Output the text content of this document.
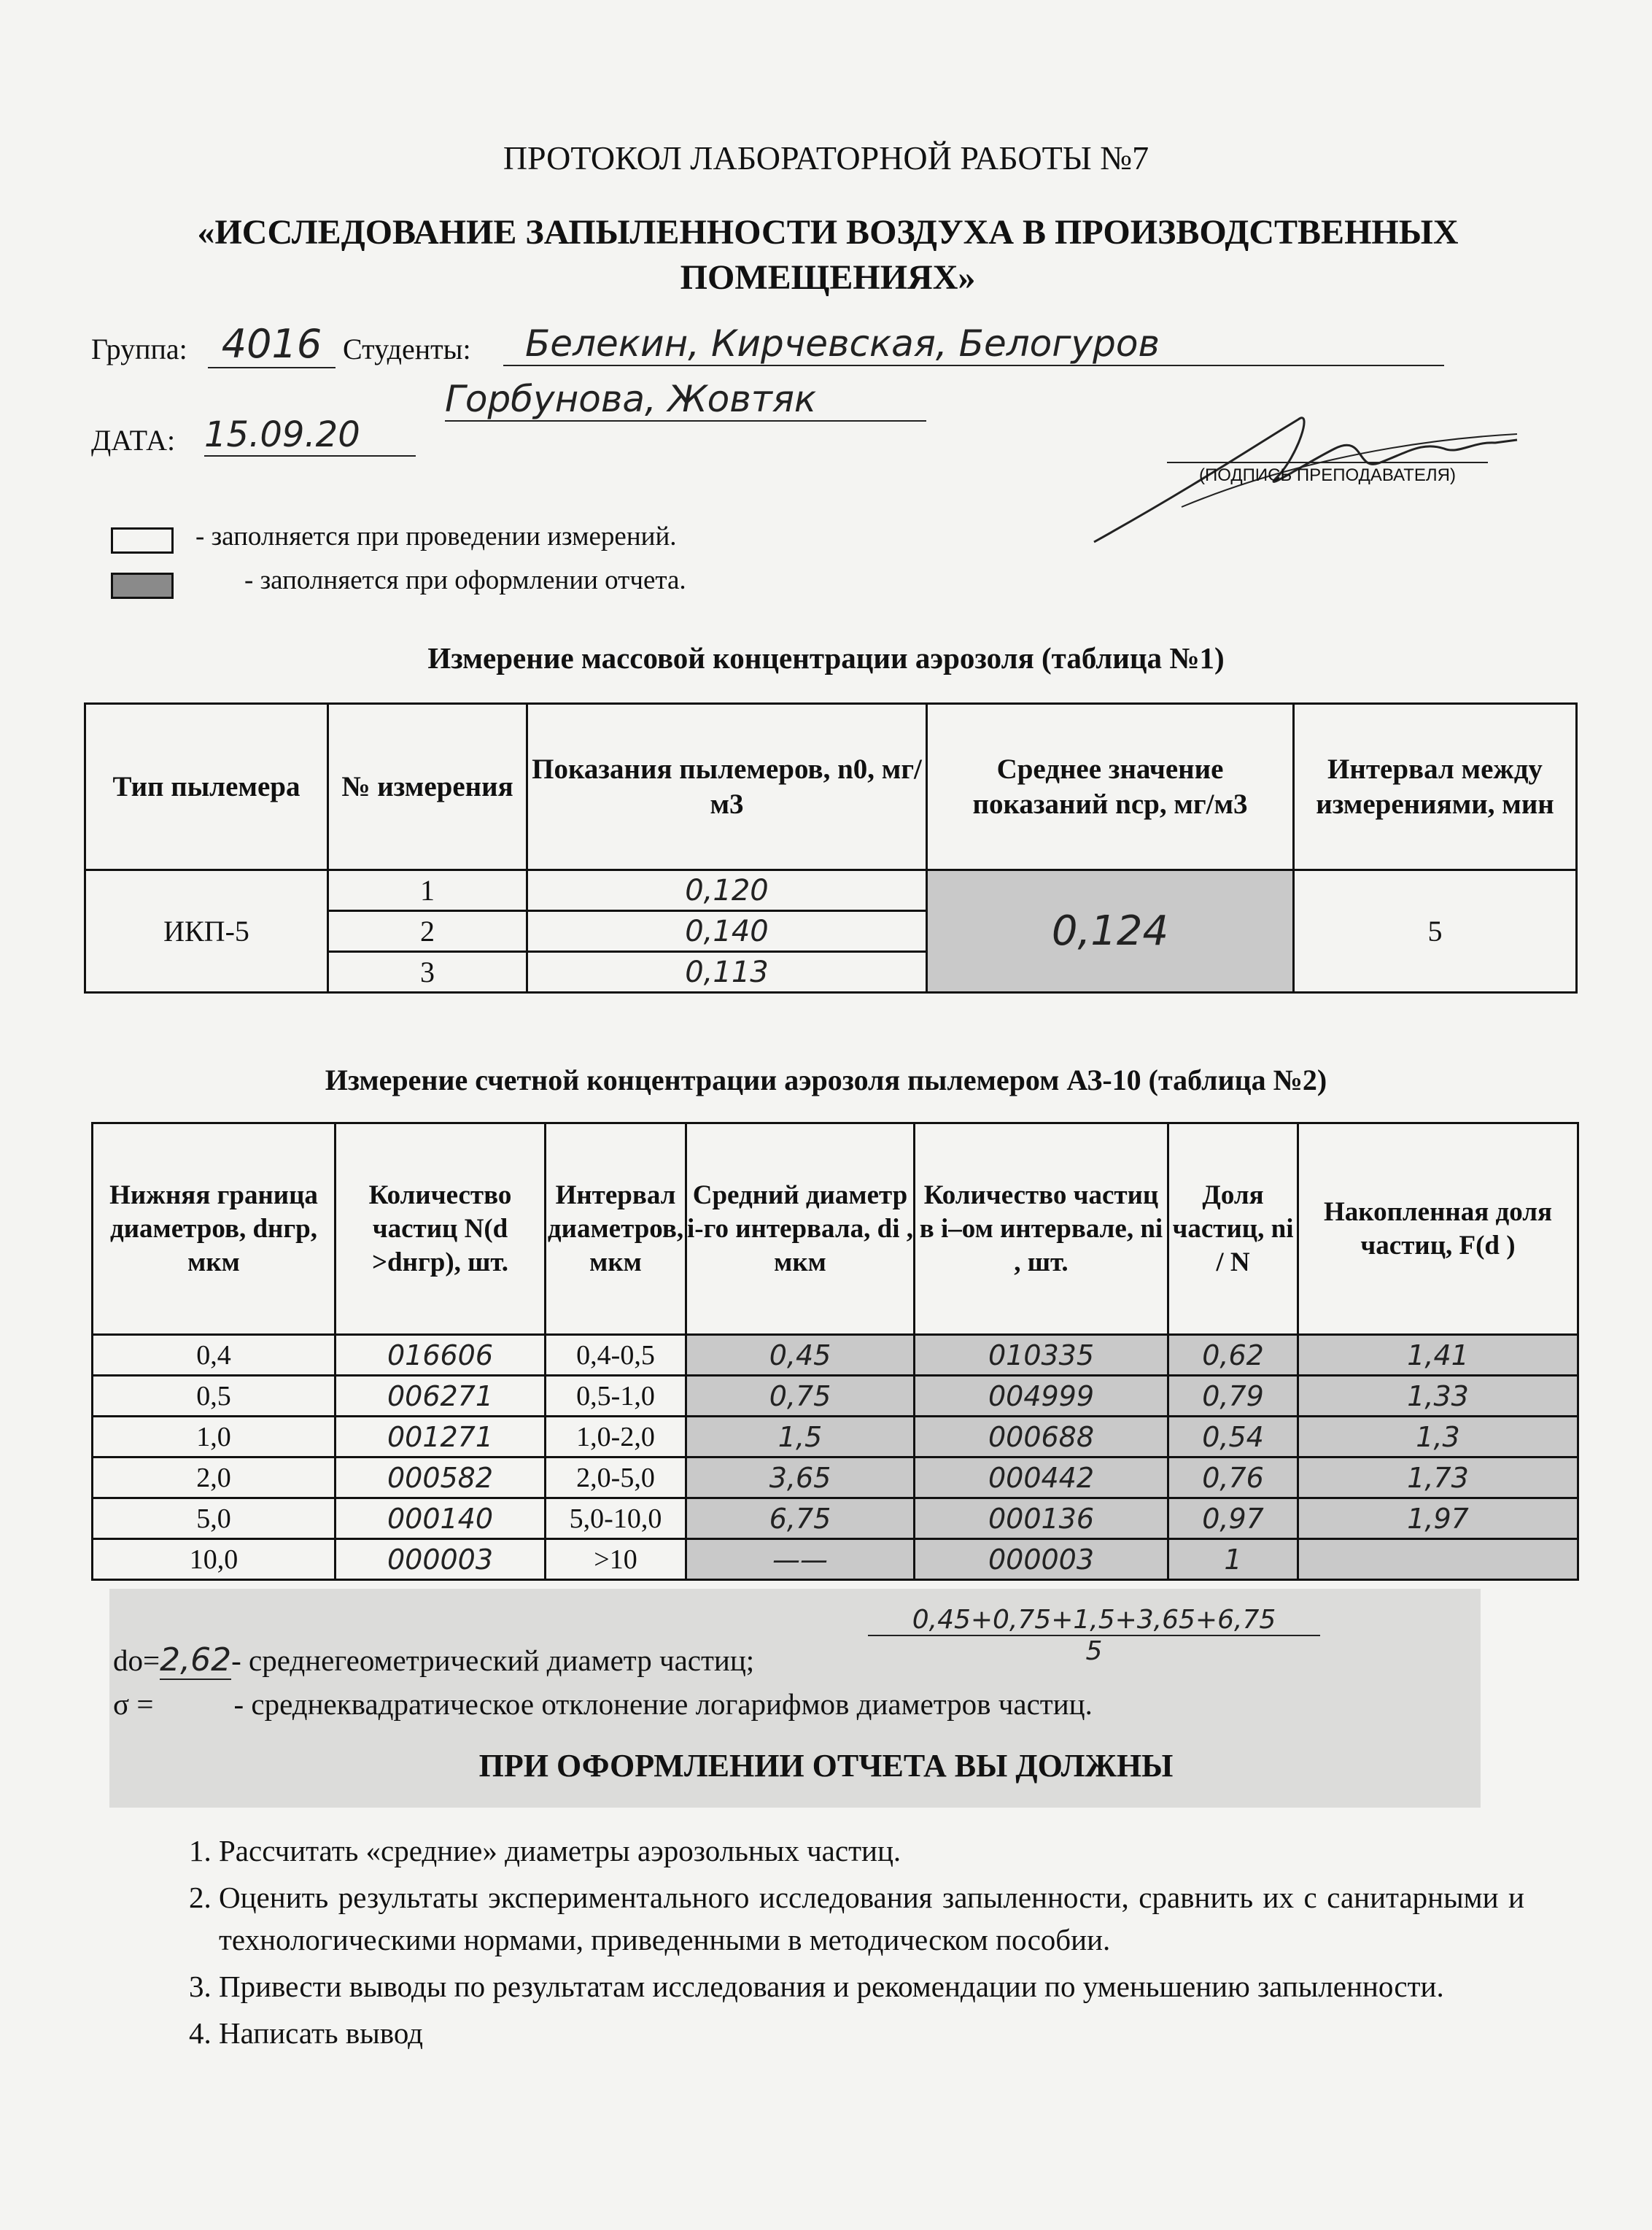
ПРОТОКОЛ ЛАБОРАТОРНОЙ РАБОТЫ №7
«ИССЛЕДОВАНИЕ ЗАПЫЛЕННОСТИ ВОЗДУХА В ПРОИЗВОДСТВЕННЫХ
ПОМЕЩЕНИЯХ»
Группа: 4016 Студенты:	Белекин, Кирчевская, Белогуров
Горбунова, Жовтяк
ДАТА: 15.09.20
(ПОДПИСЬ ПРЕПОДАВАТЕЛЯ)
- заполняется при проведении измерений.
- заполняется при оформлении отчета.
Измерение массовой концентрации аэрозоля (таблица №1)
Тип пылемера	№ измерения	Показания пылемеров, n0, мг/ м3	Среднее значение показаний nср, мг/м3	Интервал между измерениями, мин
ИКП-5	1	0,120	0,124	5
	2	0,140		
	3	0,113		
Измерение счетной концентрации аэрозоля пылемером АЗ-10 (таблица №2)
Нижняя граница диаметров, dнгр, мкм	Количество частиц N(d >dнгр), шт.	Интервал диаметров, мкм	Средний диаметр i-го интервала, di , мкм	Количество частиц в i–ом интервале, ni , шт.	Доля частиц, ni / N	Накопленная доля частиц, F(d )
0,4	016606	0,4-0,5	0,45	010335	0,62	1,41
0,5	006271	0,5-1,0	0,75	004999	0,79	1,33
1,0	001271	1,0-2,0	1,5	000688	0,54	1,3
2,0	000582	2,0-5,0	3,65	000442	0,76	1,73
5,0	000140	5,0-10,0	6,75	000136	0,97	1,97
10,0	000003	>10	——	000003	1	
do=2,62- среднегеометрический диаметр частиц;	$\frac{0,45+0,75+1,5+3,65+6,75}{5}$
σ =	- среднеквадратическое отклонение логарифмов диаметров частиц.
ПРИ ОФОРМЛЕНИИ ОТЧЕТА ВЫ ДОЛЖНЫ
1. Рассчитать «средние» диаметры аэрозольных частиц.
2. Оценить результаты экспериментального исследования запыленности, сравнить их с санитарными и технологическими нормами, приведенными в методическом пособии.
3. Привести выводы по результатам исследования и рекомендации по уменьшению запыленности.
4. Написать вывод
